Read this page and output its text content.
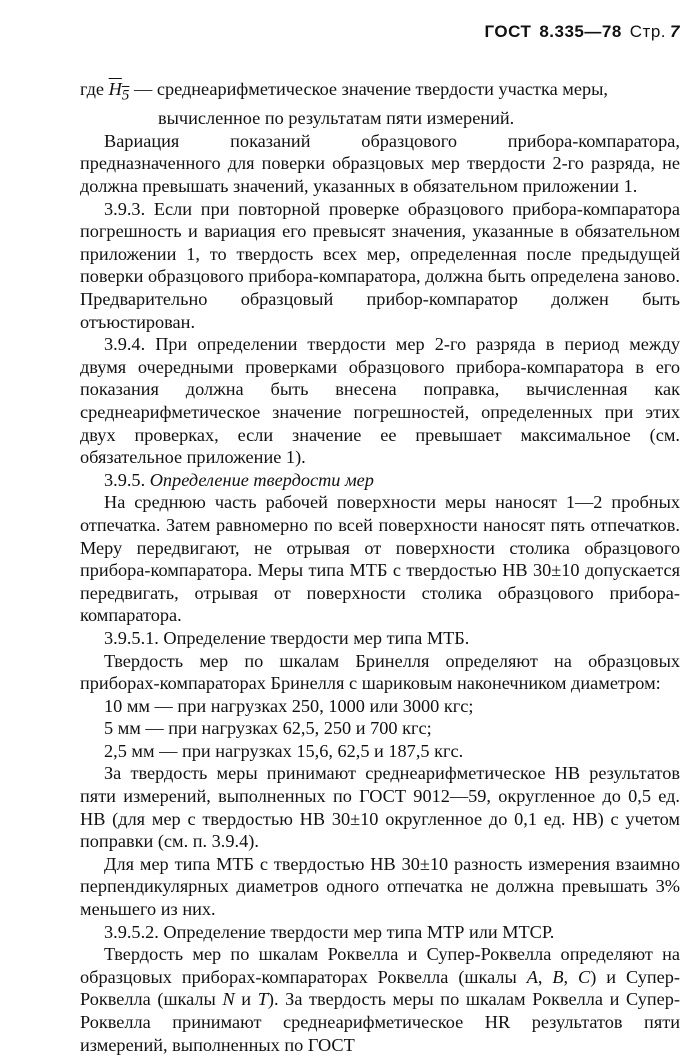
ГОСТ 8.335—78 Стр. 7

где $H_5$ — среднеарифметическое значение твердости участка меры,

вычисленное по результатам пяти измерений.

Вариация показаний образцового прибора-компаратора, предназначенного для поверки образцовых мер твердости 2-го разряда, не должна превышать значений, указанных в обязательном приложении 1.

3.9.3. Если при повторной проверке образцового прибора-компаратора погрешность и вариация его превысят значения, указанные в обязательном приложении 1, то твердость всех мер, определенная после предыдущей поверки образцового прибора-компаратора, должна быть определена заново. Предварительно образцовый прибор-компаратор должен быть отъюстирован.

3.9.4. При определении твердости мер 2-го разряда в период между двумя очередными проверками образцового прибора-компаратора в его показания должна быть внесена поправка, вычисленная как среднеарифметическое значение погрешностей, определенных при этих двух проверках, если значение ее превышает максимальное (см. обязательное приложение 1).

3.9.5. Определение твердости мер

На среднюю часть рабочей поверхности меры наносят 1—2 пробных отпечатка. Затем равномерно по всей поверхности наносят пять отпечатков. Меру передвигают, не отрывая от поверхности столика образцового прибора-компаратора. Меры типа МТБ с твердостью НВ 30±10 допускается передвигать, отрывая от поверхности столика образцового прибора-компаратора.

3.9.5.1. Определение твердости мер типа МТБ.

Твердость мер по шкалам Бринелля определяют на образцовых приборах-компараторах Бринелля с шариковым наконечником диаметром:

10 мм — при нагрузках 250, 1000 или 3000 кгс;

5 мм — при нагрузках 62,5, 250 и 700 кгс;

2,5 мм — при нагрузках 15,6, 62,5 и 187,5 кгс.

За твердость меры принимают среднеарифметическое НВ результатов пяти измерений, выполненных по ГОСТ 9012—59, округленное до 0,5 ед. НВ (для мер с твердостью НВ 30±10 округленное до 0,1 ед. НВ) с учетом поправки (см. п. 3.9.4).

Для мер типа МТБ с твердостью НВ 30±10 разность измерения взаимно перпендикулярных диаметров одного отпечатка не должна превышать 3% меньшего из них.

3.9.5.2. Определение твердости мер типа МТР или МТСР.

Твердость мер по шкалам Роквелла и Супер-Роквелла определяют на образцовых приборах-компараторах Роквелла (шкалы A, B, C) и Супер-Роквелла (шкалы N и T). За твердость меры по шкалам Роквелла и Супер-Роквелла принимают среднеарифметическое HR результатов пяти измерений, выполненных по ГОСТ
